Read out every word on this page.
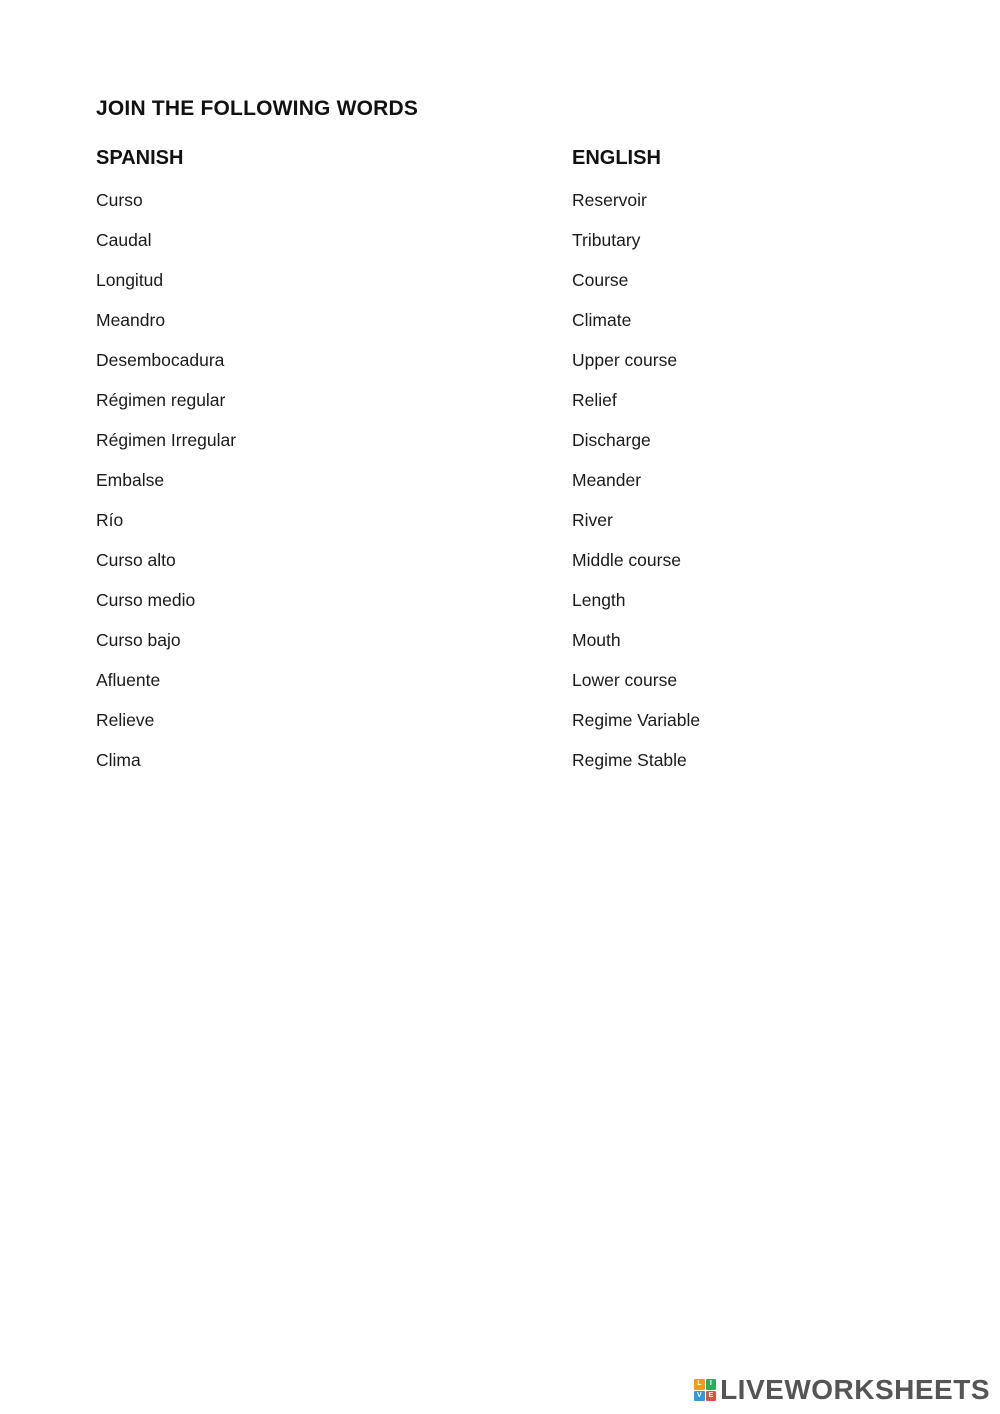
JOIN THE FOLLOWING WORDS
SPANISH
Curso
Caudal
Longitud
Meandro
Desembocadura
Régimen regular
Régimen Irregular
Embalse
Río
Curso alto
Curso medio
Curso bajo
Afluente
Relieve
Clima
ENGLISH
Reservoir
Tributary
Course
Climate
Upper course
Relief
Discharge
Meander
River
Middle course
Length
Mouth
Lower course
Regime Variable
Regime Stable
L	I
V E LIVEWORKSHEETS
